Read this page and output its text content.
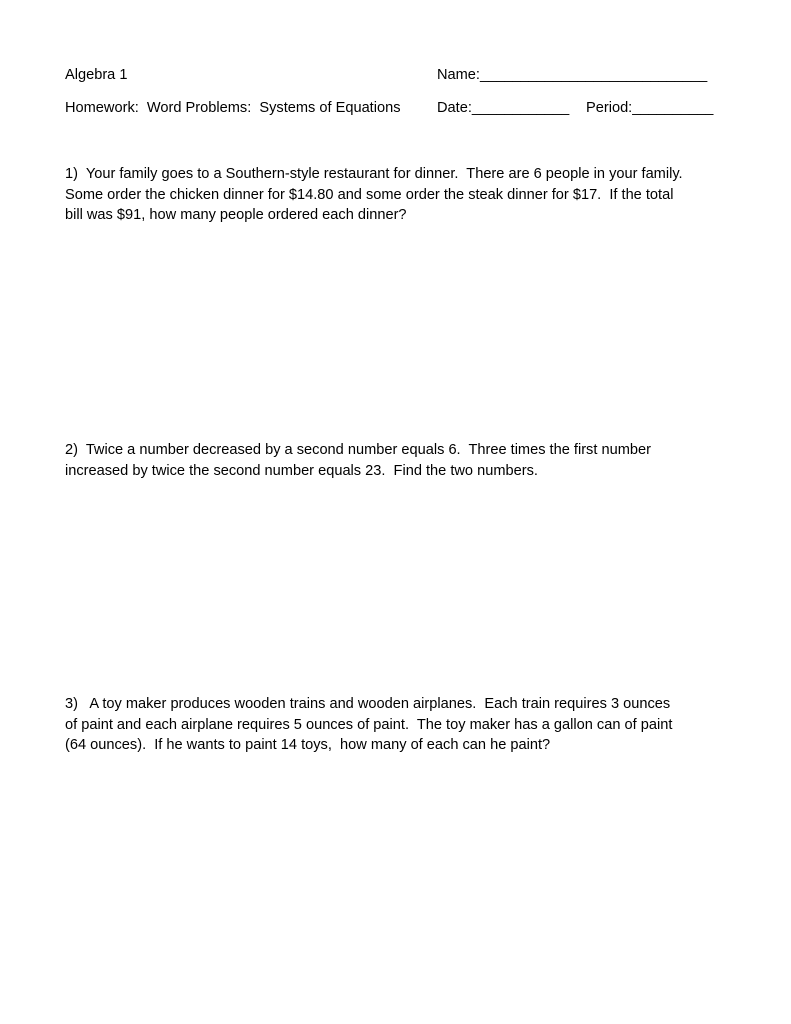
Algebra 1	Name:____________________________
Homework:  Word Problems:  Systems of Equations Date:____________ Period:__________

1)  Your family goes to a Southern-style restaurant for dinner.  There are 6 people in your family.

Some order the chicken dinner for $14.80 and some order the steak dinner for $17.  If the total

bill was $91, how many people ordered each dinner?

2)  Twice a number decreased by a second number equals 6.  Three times the first number

increased by twice the second number equals 23.  Find the two numbers.

3)   A toy maker produces wooden trains and wooden airplanes.  Each train requires 3 ounces

of paint and each airplane requires 5 ounces of paint.  The toy maker has a gallon can of paint

(64 ounces).  If he wants to paint 14 toys,  how many of each can he paint?
